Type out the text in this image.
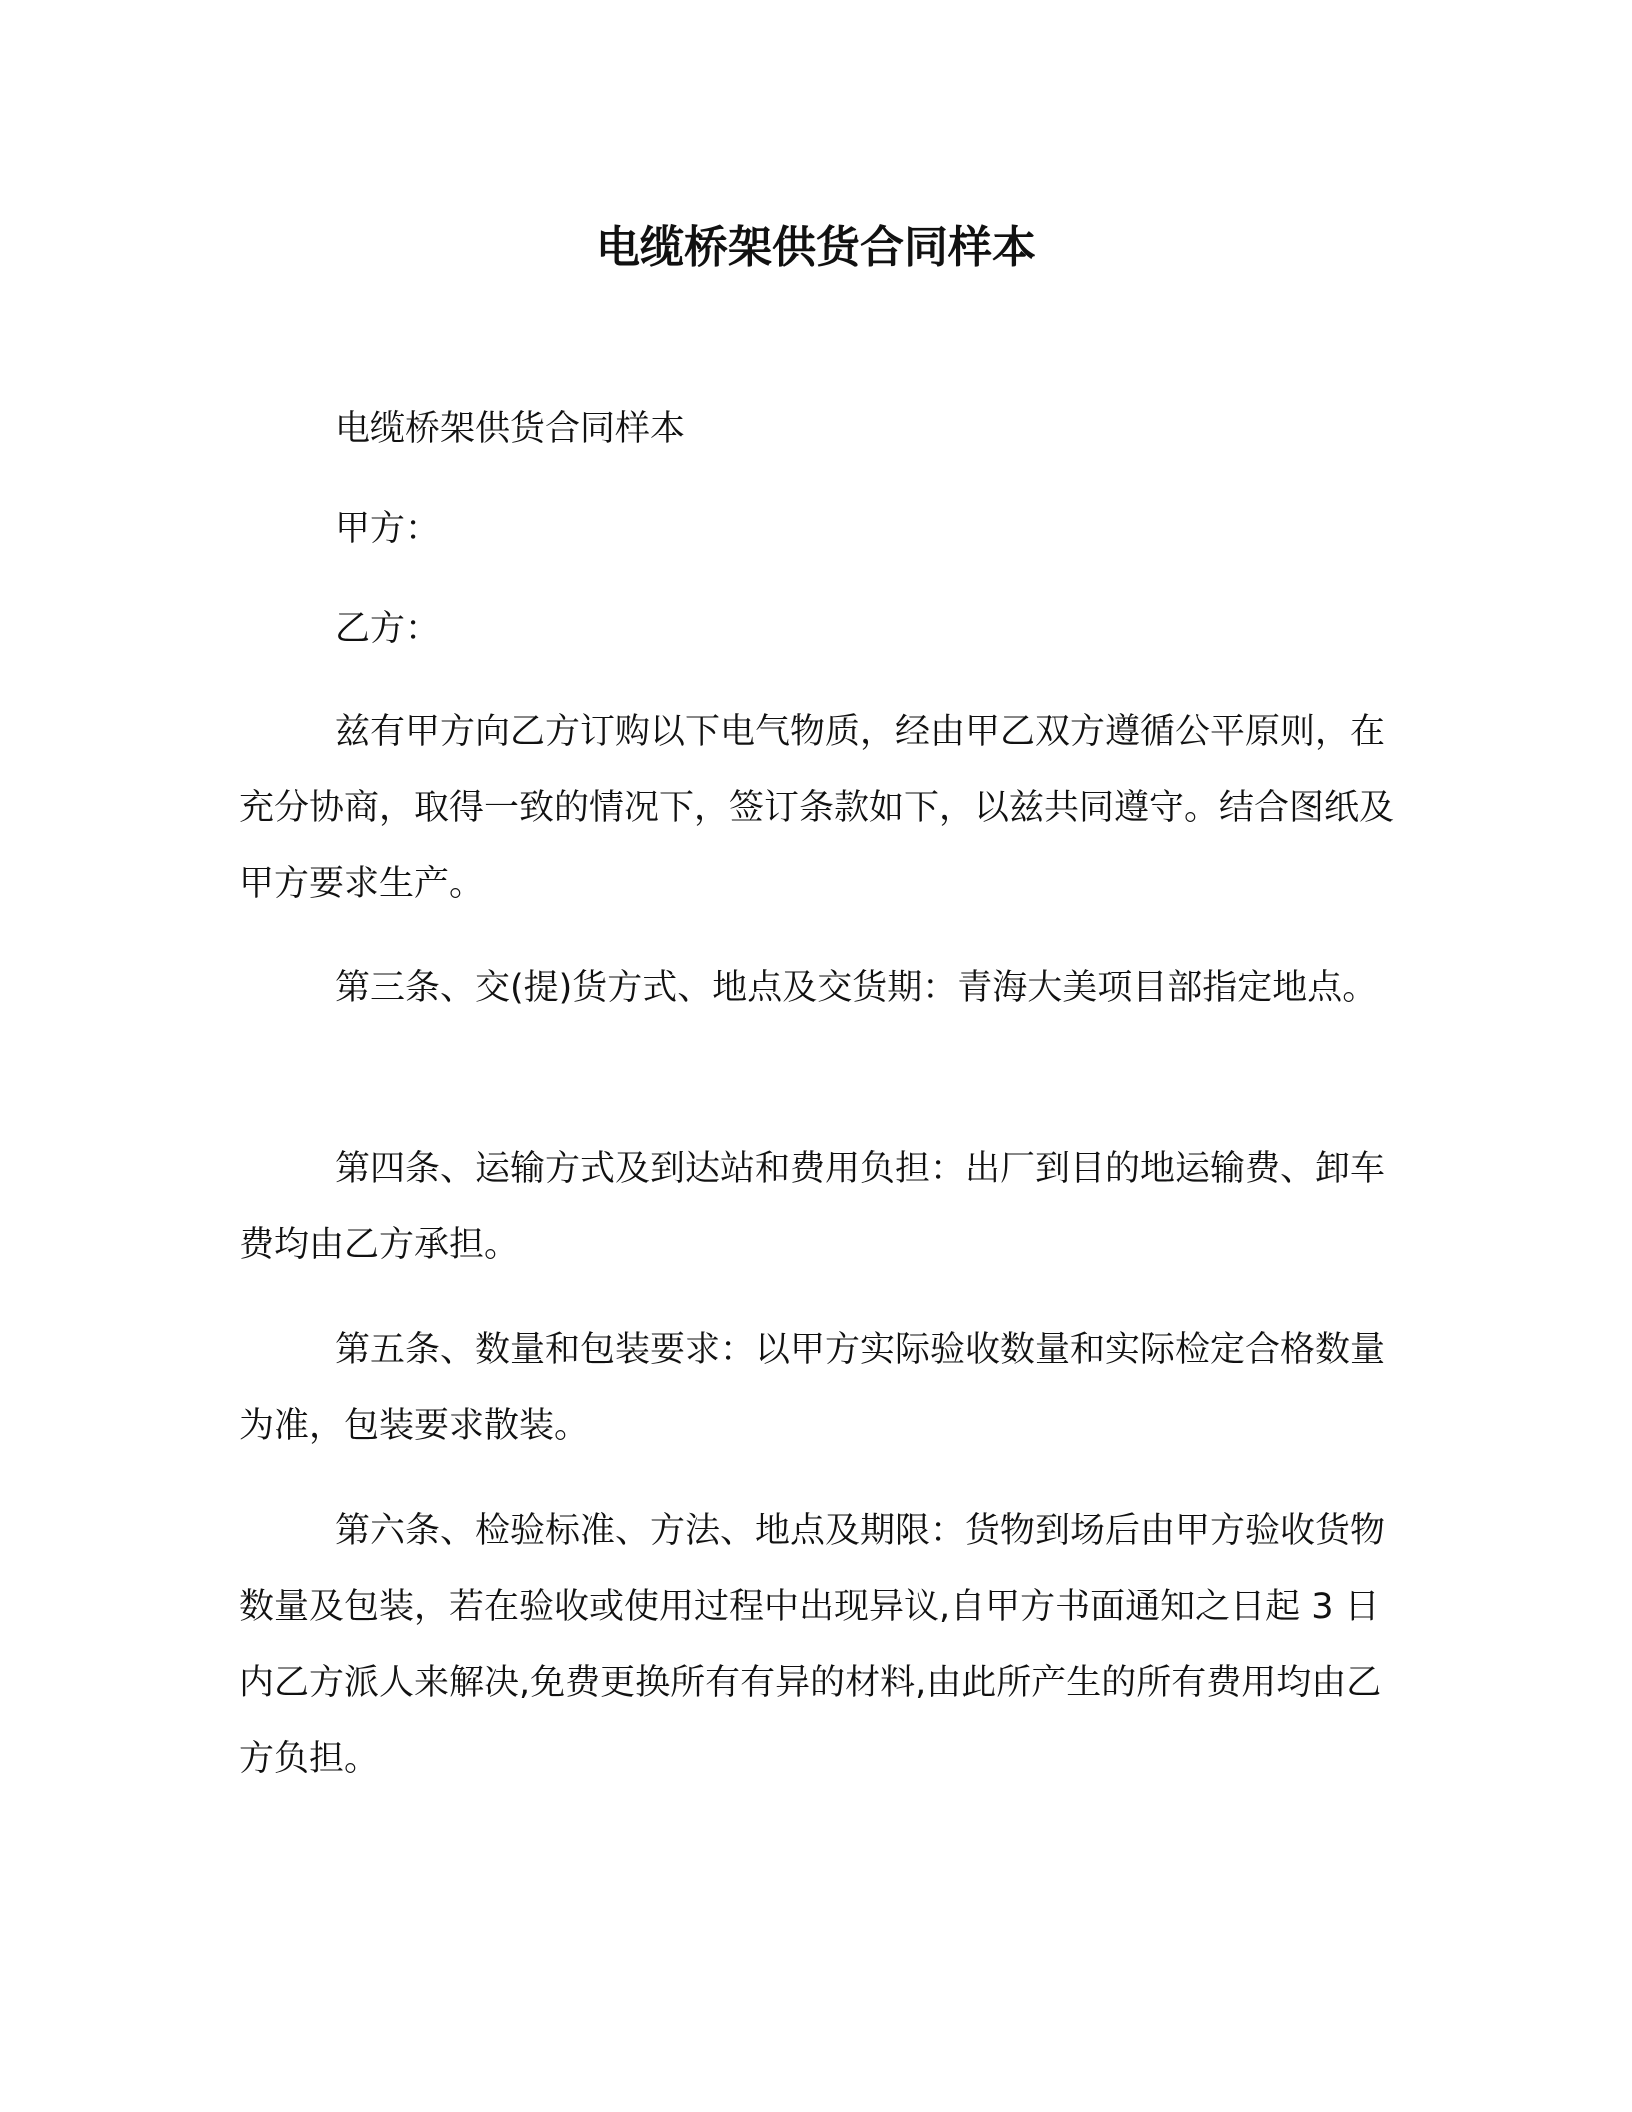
电缆桥架供货合同样本

电缆桥架供货合同样本

甲方：

乙方：

兹有甲方向乙方订购以下电气物质，经由甲乙双方遵循公平原则，在充分协商，取得一致的情况下，签订条款如下，以兹共同遵守。结合图纸及甲方要求生产。

第三条、交(提)货方式、地点及交货期：青海大美项目部指定地点。

第四条、运输方式及到达站和费用负担：出厂到目的地运输费、卸车费均由乙方承担。

第五条、数量和包装要求：以甲方实际验收数量和实际检定合格数量为准，包装要求散装。

第六条、检验标准、方法、地点及期限：货物到场后由甲方验收货物数量及包装，若在验收或使用过程中出现异议,自甲方书面通知之日起 3 日内乙方派人来解决,免费更换所有有异的材料,由此所产生的所有费用均由乙方负担。
